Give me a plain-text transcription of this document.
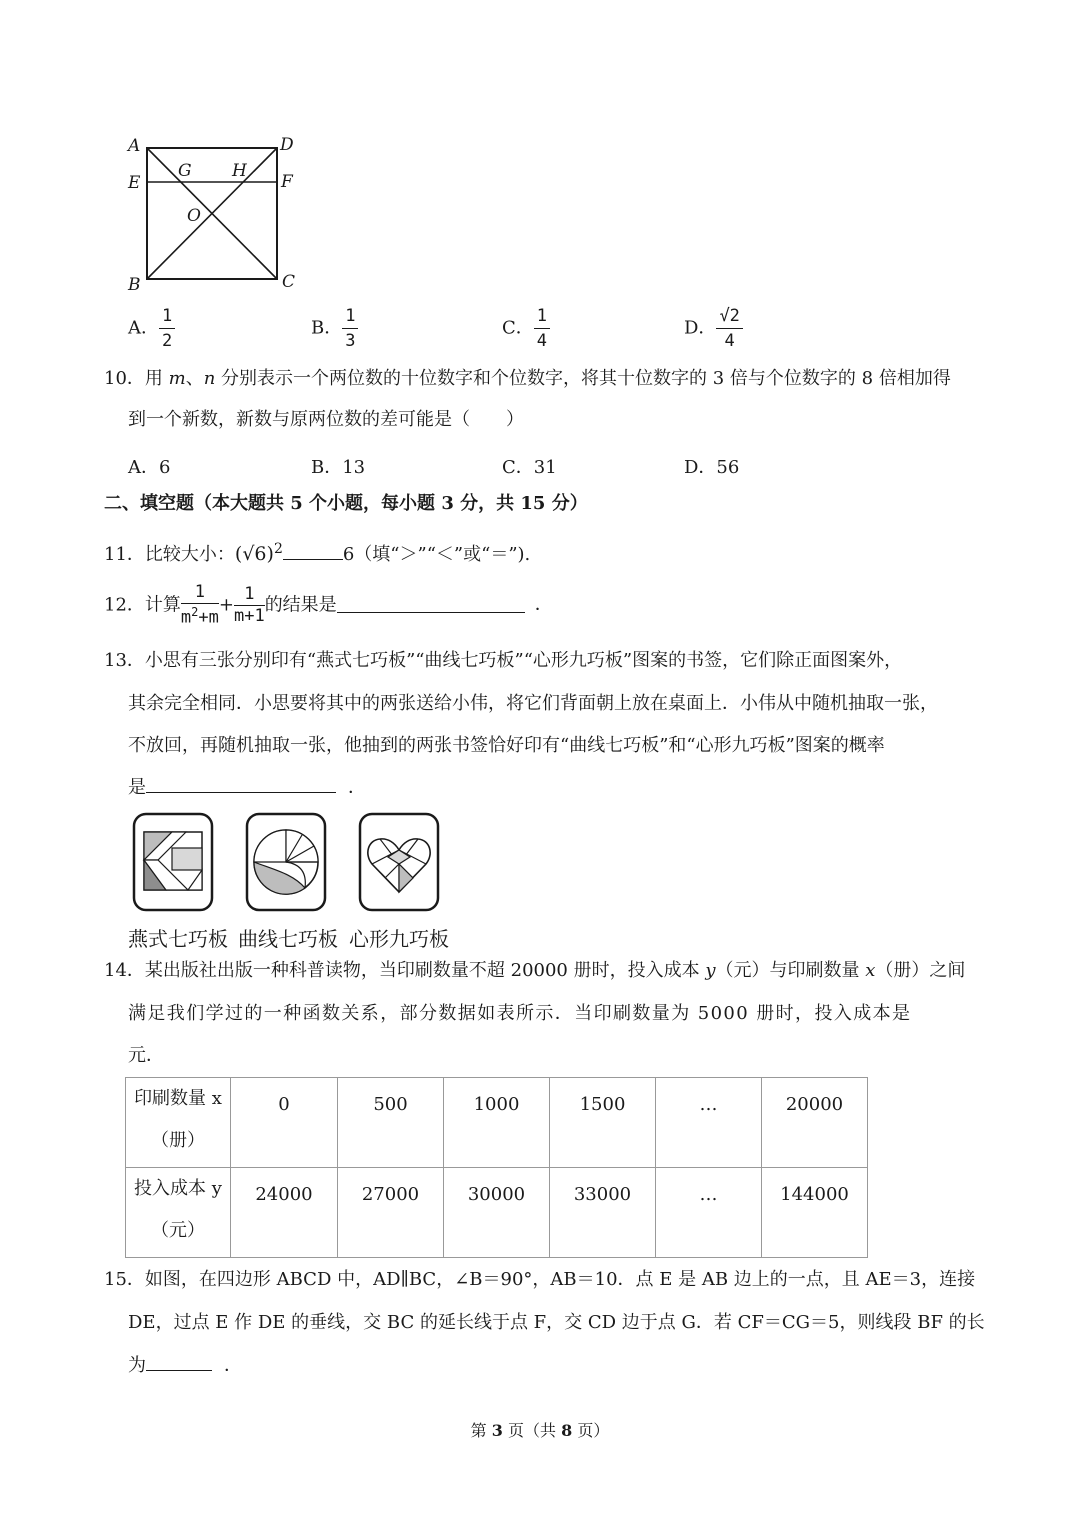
A	D
E	F
G H
O
B	C
A． $\frac{1}{2}$	B． $\frac{1}{3}$	C． $\frac{1}{4}$	D． $\frac{√2}{4}$
10．用 m、n 分别表示一个两位数的十位数字和个位数字，将其十位数字的 3 倍与个位数字的 8 倍相加得
到一个新数，新数与原两位数的差可能是（　　）
A．6	B．13	C．31	D．56
二、填空题（本大题共 5 个小题，每小题 3 分，共 15 分）
11．比较大小：$(√6)^2$	6（填“＞”“＜”或“＝”).
12．计算 $\frac{1}{m^2+m} + \frac{1}{m+1}$ 的结果是	．
13．小思有三张分别印有“燕式七巧板”“曲线七巧板”“心形九巧板”图案的书签，它们除正面图案外，
其余完全相同．小思要将其中的两张送给小伟，将它们背面朝上放在桌面上．小伟从中随机抽取一张，
不放回，再随机抽取一张，他抽到的两张书签恰好印有“曲线七巧板”和“心形九巧板”图案的概率
是	．
燕式七巧板 曲线七巧板 心形九巧板
14．某出版社出版一种科普读物，当印刷数量不超 20000 册时，投入成本 y（元）与印刷数量 x（册）之间
满足我们学过的一种函数关系，部分数据如表所示．当印刷数量为 5000 册时，投入成本是
元．
印刷数量 x
（册）	0	500	1000	1500	…	20000

投入成本 y
（元）	24000	27000	30000	33000	…	144000
15．如图，在四边形 ABCD 中，AD∥BC，∠B＝90°，AB＝10．点 E 是 AB 边上的一点，且 AE＝3，连接
DE，过点 E 作 DE 的垂线，交 BC 的延长线于点 F，交 CD 边于点 G．若 CF＝CG＝5，则线段 BF 的长
为	．
第 3 页（共 8 页）
